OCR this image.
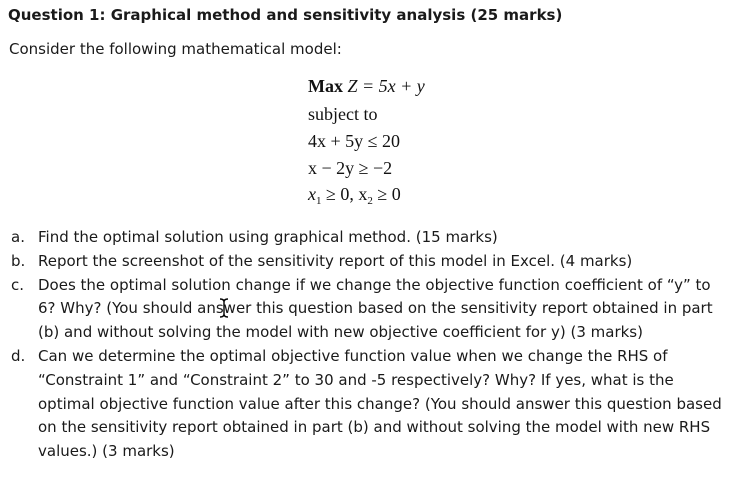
Question 1: Graphical method and sensitivity analysis (25 marks)
Consider the following mathematical model:
Max Z = 5x + y
subject to
4x + 5y ≤ 20
x − 2y ≥ −2
$x_1 \ge 0$, $x_2 \ge 0$
a. Find the optimal solution using graphical method. (15 marks)
b. Report the screenshot of the sensitivity report of this model in Excel. (4 marks)
c. Does the optimal solution change if we change the objective function coefficient of “y” to 6? Why? (You should ans
wer this question based on the sensitivity report obtained in part (b) and without solving the model with new objective coefficient for y) (3 marks)
d. Can we determine the optimal objective function value when we change the RHS of “Constraint 1” and “Constraint 2” to 30 and -5 respectively? Why? If yes, what is the optimal objective function value after this change? (You should answer this question based on the sensitivity report obtained in part (b) and without solving the model with new RHS values.) (3 marks)
